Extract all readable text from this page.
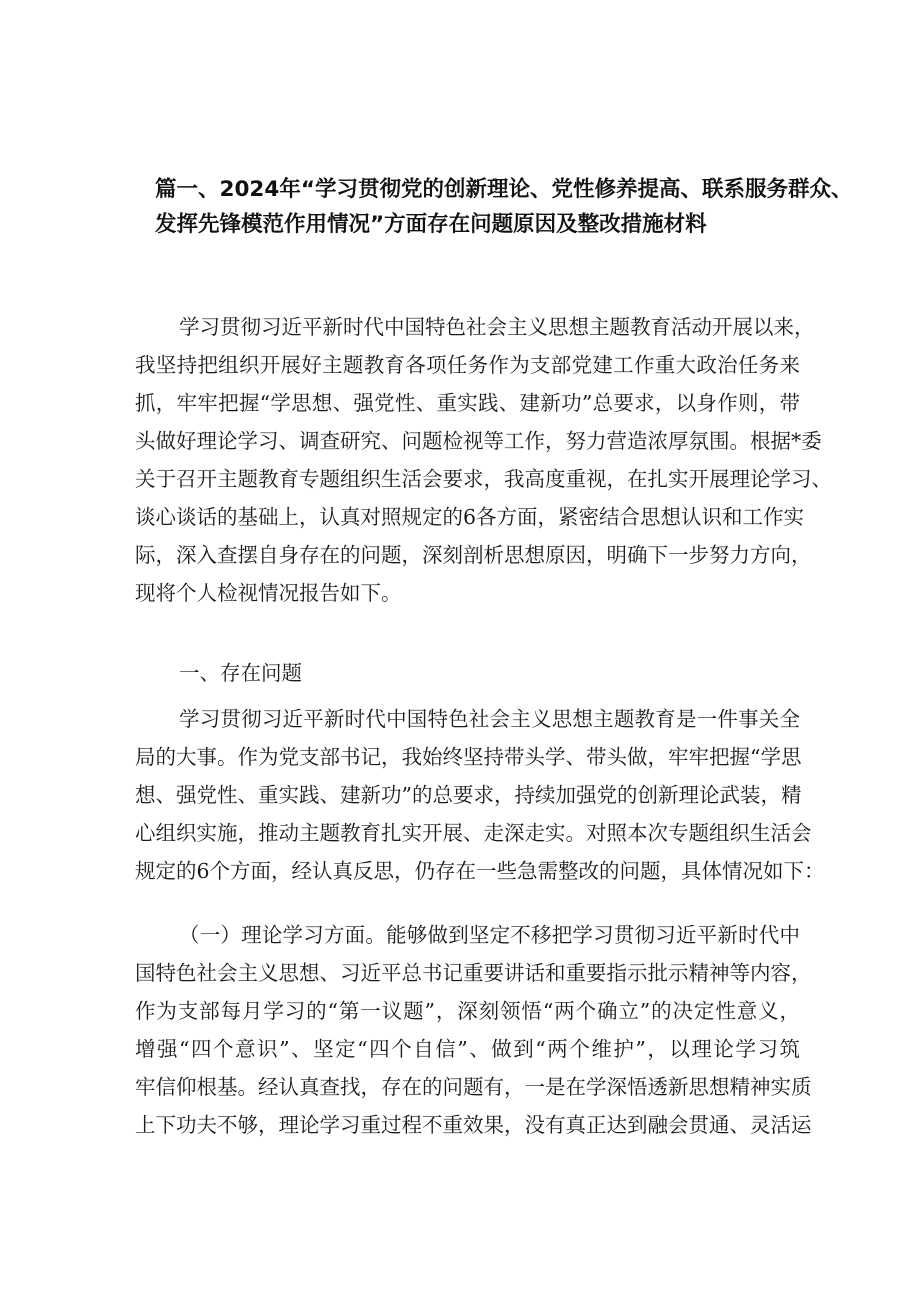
篇一、2024年“学习贯彻党的创新理论、党性修养提高、联系服务群众、
发挥先锋模范作用情况”方面存在问题原因及整改措施材料
学习贯彻习近平新时代中国特色社会主义思想主题教育活动开展以来，
我坚持把组织开展好主题教育各项任务作为支部党建工作重大政治任务来
抓，牢牢把握“学思想、强党性、重实践、建新功”总要求，以身作则，带
头做好理论学习、调查研究、问题检视等工作，努力营造浓厚氛围。根据*委
关于召开主题教育专题组织生活会要求，我高度重视，在扎实开展理论学习、
谈心谈话的基础上，认真对照规定的6各方面，紧密结合思想认识和工作实
际，深入查摆自身存在的问题，深刻剖析思想原因，明确下一步努力方向，
现将个人检视情况报告如下。
一、存在问题
学习贯彻习近平新时代中国特色社会主义思想主题教育是一件事关全
局的大事。作为党支部书记，我始终坚持带头学、带头做，牢牢把握“学思
想、强党性、重实践、建新功”的总要求，持续加强党的创新理论武装，精
心组织实施，推动主题教育扎实开展、走深走实。对照本次专题组织生活会
规定的6个方面，经认真反思，仍存在一些急需整改的问题，具体情况如下：
（一）理论学习方面。能够做到坚定不移把学习贯彻习近平新时代中
国特色社会主义思想、习近平总书记重要讲话和重要指示批示精神等内容，
作为支部每月学习的“第一议题”，深刻领悟“两个确立”的决定性意义，
增强“四个意识”、坚定“四个自信”、做到“两个维护”，以理论学习筑
牢信仰根基。经认真查找，存在的问题有，一是在学深悟透新思想精神实质
上下功夫不够，理论学习重过程不重效果，没有真正达到融会贯通、灵活运
